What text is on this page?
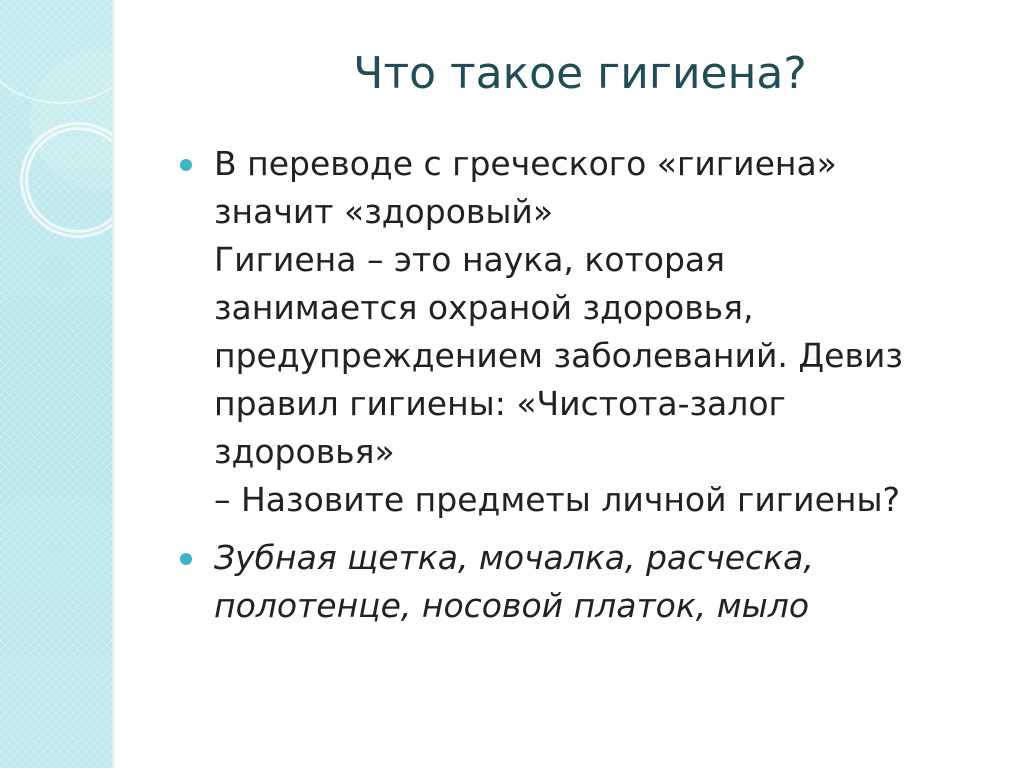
Что такое гигиена?
В переводе с греческого «гигиена»
значит «здоровый»
Гигиена – это наука, которая
занимается охраной здоровья,
предупреждением заболеваний. Девиз
правил гигиены: «Чистота-залог
здоровья»
– Назовите предметы личной гигиены?
Зубная щетка, мочалка, расческа,
полотенце, носовой платок, мыло
